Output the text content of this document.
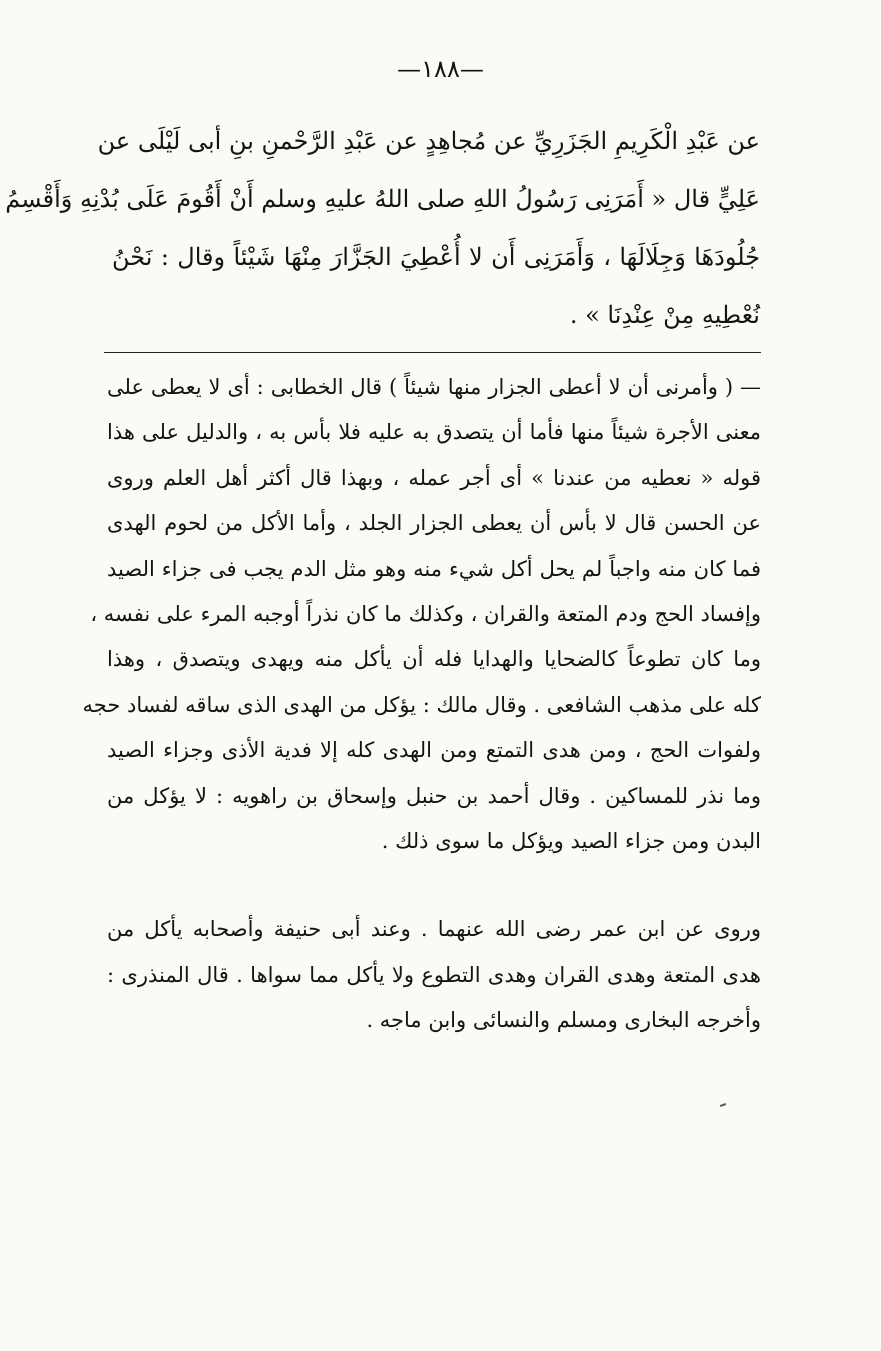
—١٨٨—
عن عَبْدِ الْكَرِيمِ الجَزَرِيِّ عن مُجاهِدٍ عن عَبْدِ الرَّحْمنِ بنِ أبى لَيْلَى عن
عَلِيٍّ قال « أَمَرَنِى رَسُولُ اللهِ صلى اللهُ عليهِ وسلم أَنْ أَقُومَ عَلَى بُدْنِهِ وَأَقْسِمُ
جُلُودَهَا وَجِلَالَهَا ، وَأَمَرَنِى أَن لا أُعْطِيَ الجَزَّارَ مِنْهَا شَيْئاً وقال : نَحْنُ
نُعْطِيهِ مِنْ عِنْدِنَا » .
— ( وأمرنى أن لا أعطى الجزار منها شيئاً ) قال الخطابى : أى لا يعطى على
معنى الأجرة شيئاً منها فأما أن يتصدق به عليه فلا بأس به ، والدليل على هذا
قوله « نعطيه من عندنا » أى أجر عمله ، وبهذا قال أكثر أهل العلم وروى
عن الحسن قال لا بأس أن يعطى الجزار الجلد ، وأما الأكل من لحوم الهدى
فما كان منه واجباً لم يحل أكل شيء منه وهو مثل الدم يجب فى جزاء الصيد
وإفساد الحج ودم المتعة والقران ، وكذلك ما كان نذراً أوجبه المرء على نفسه ،
وما كان تطوعاً كالضحايا والهدايا فله أن يأكل منه ويهدى ويتصدق ، وهذا
كله على مذهب الشافعى . وقال مالك : يؤكل من الهدى الذى ساقه لفساد حجه
ولفوات الحج ، ومن هدى التمتع ومن الهدى كله إلا فدية الأذى وجزاء الصيد
وما نذر للمساكين . وقال أحمد بن حنبل وإسحاق بن راهويه : لا يؤكل من
البدن ومن جزاء الصيد ويؤكل ما سوى ذلك .
وروى عن ابن عمر رضى الله عنهما . وعند أبى حنيفة وأصحابه يأكل من
هدى المتعة وهدى القران وهدى التطوع ولا يأكل مما سواها . قال المنذرى :
وأخرجه البخارى ومسلم والنسائى وابن ماجه .
